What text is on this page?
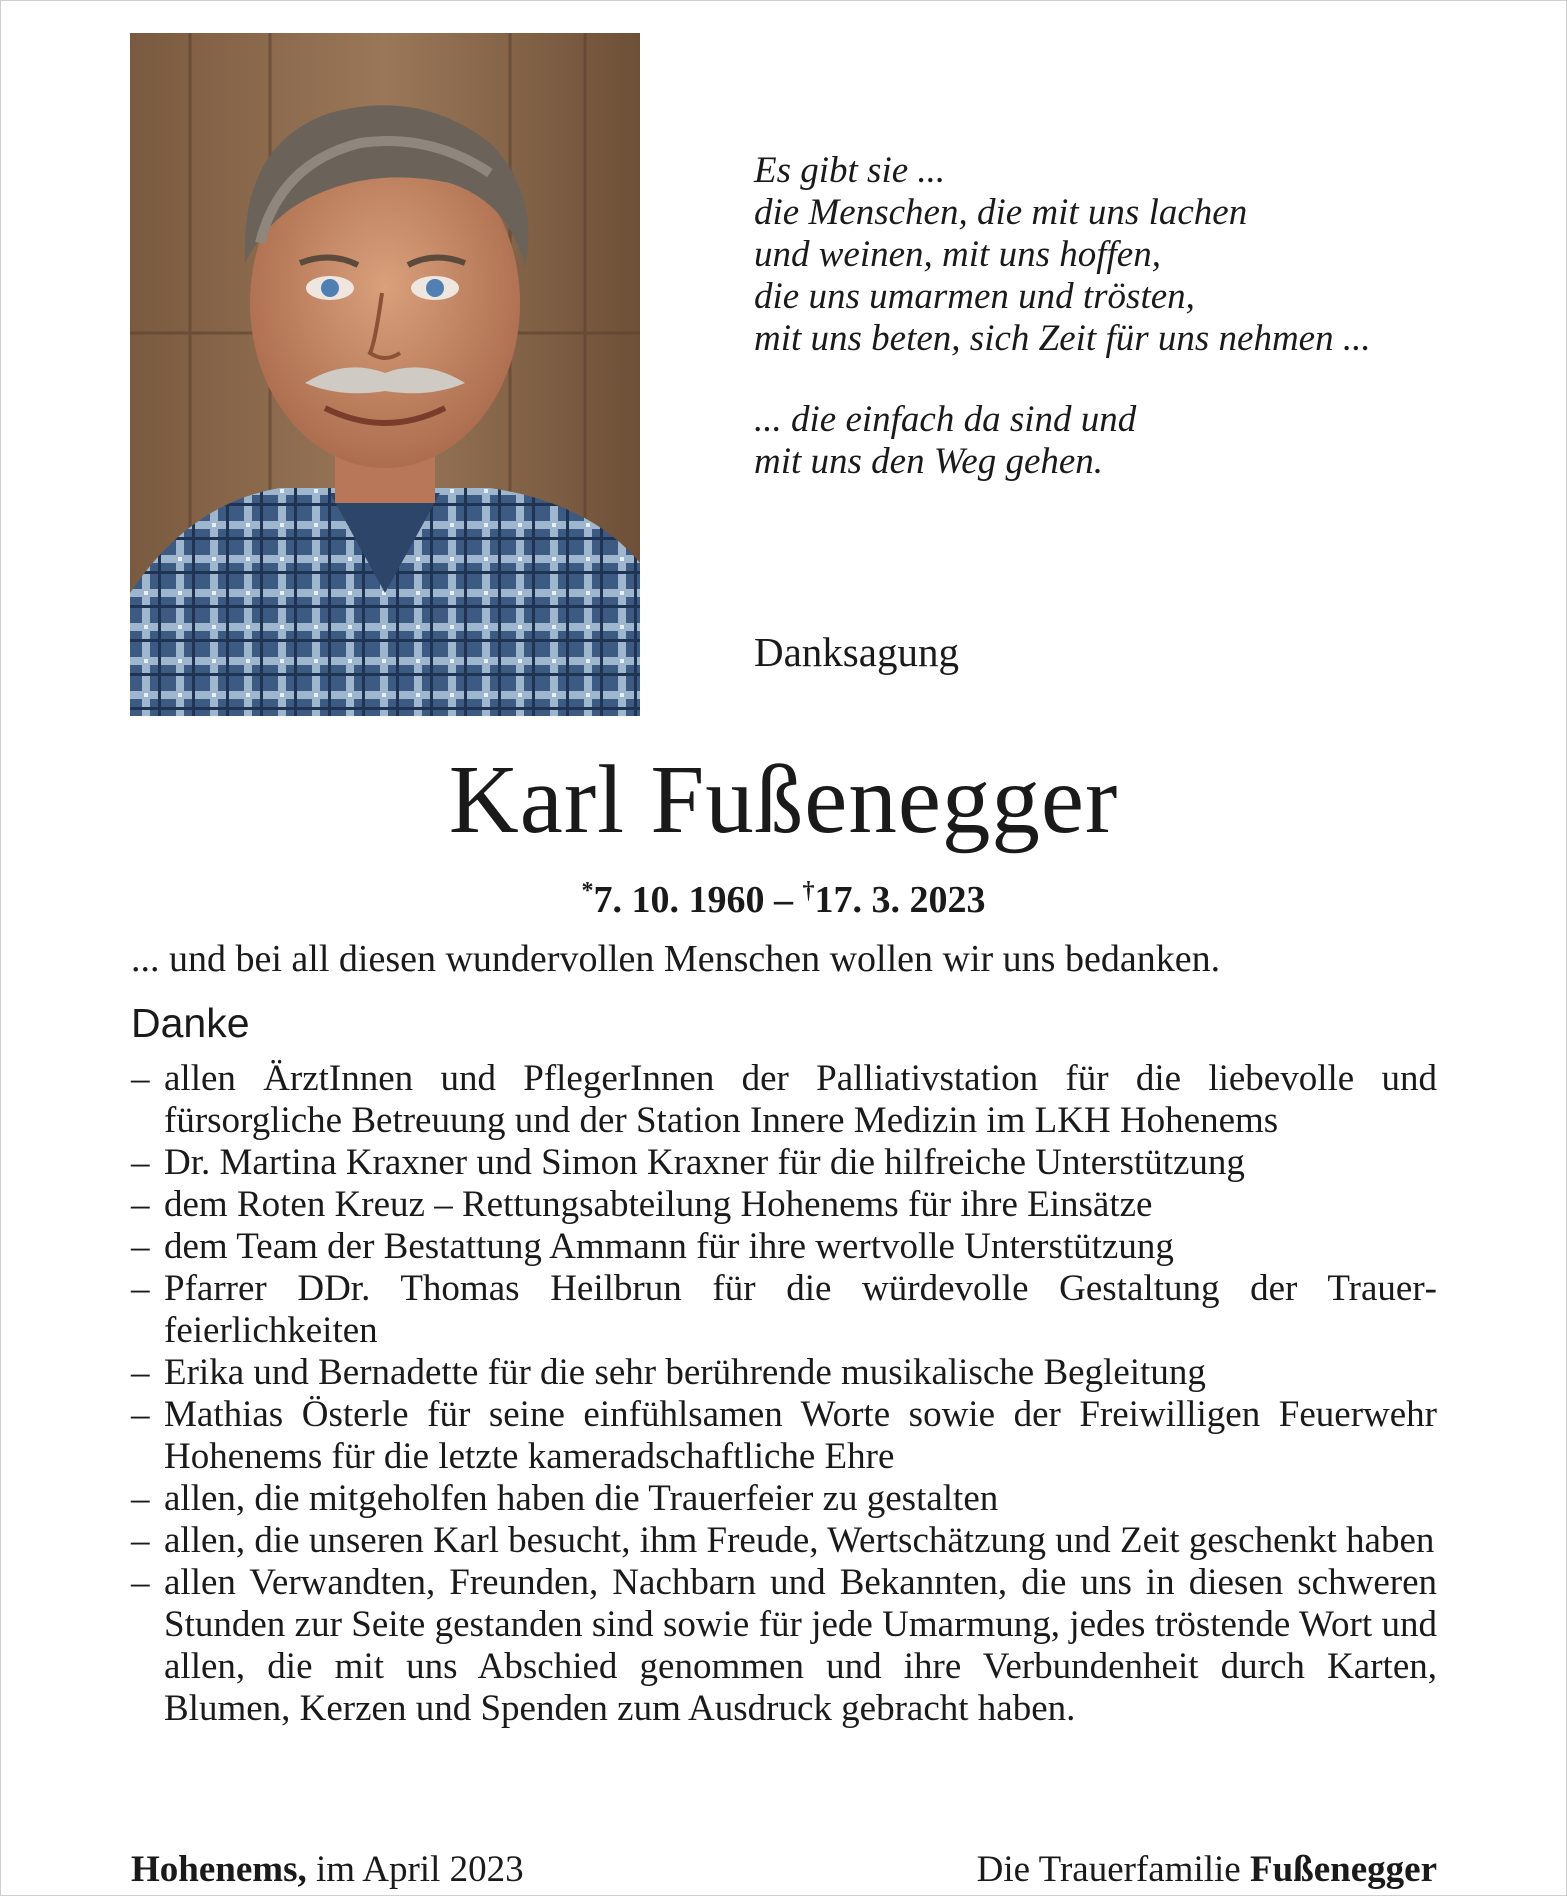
Es gibt sie ...
die Menschen, die mit uns lachen
und weinen, mit uns hoffen,
die uns umarmen und trösten,
mit uns beten, sich Zeit für uns nehmen ...
... die einfach da sind und
mit uns den Weg gehen.
Danksagung
Karl Fußenegger
*7. 10. 1960 – †17. 3. 2023
... und bei all diesen wundervollen Menschen wollen wir uns bedanken.
Danke
– allen ÄrztInnen und PflegerInnen der Palliativstation für die liebevolle und fürsorgliche Betreuung und der Station Innere Medizin im LKH Hohenems
– Dr. Martina Kraxner und Simon Kraxner für die hilfreiche Unterstützung
– dem Roten Kreuz – Rettungsabteilung Hohenems für ihre Einsätze
– dem Team der Bestattung Ammann für ihre wertvolle Unterstützung
– Pfarrer DDr. Thomas Heilbrun für die würdevolle Gestaltung der Trauerfeierlichkeiten
– Erika und Bernadette für die sehr berührende musikalische Begleitung
– Mathias Österle für seine einfühlsamen Worte sowie der Freiwilligen Feuerwehr Hohenems für die letzte kameradschaftliche Ehre
– allen, die mitgeholfen haben die Trauerfeier zu gestalten
– allen, die unseren Karl besucht, ihm Freude, Wertschätzung und Zeit geschenkt haben
– allen Verwandten, Freunden, Nachbarn und Bekannten, die uns in diesen schweren Stunden zur Seite gestanden sind sowie für jede Umarmung, jedes tröstende Wort und allen, die mit uns Abschied genommen und ihre Verbundenheit durch Karten, Blumen, Kerzen und Spenden zum Ausdruck gebracht haben.
Hohenems, im April 2023	Die Trauerfamilie Fußenegger
